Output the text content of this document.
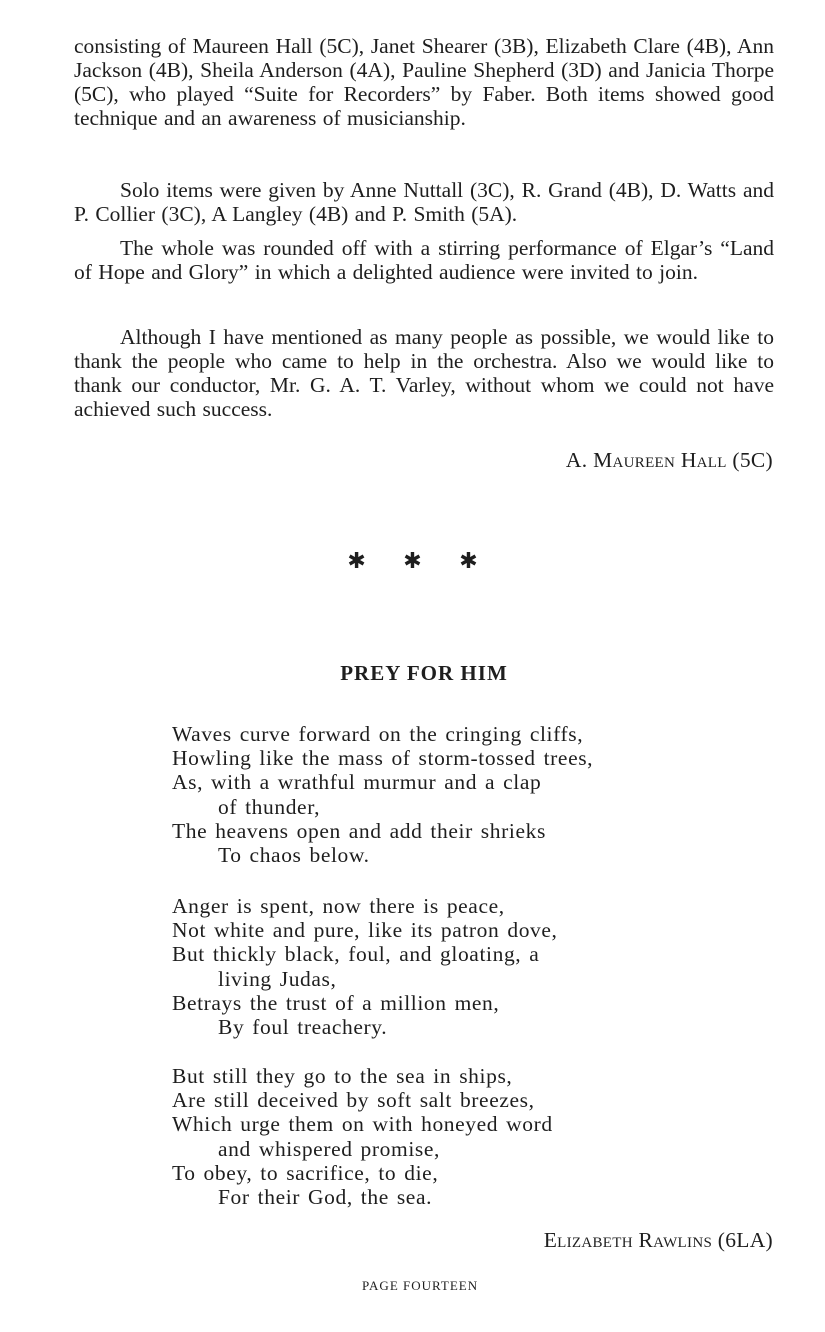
consisting of Maureen Hall (5C), Janet Shearer (3B), Elizabeth Clare (4B), Ann Jackson (4B), Sheila Anderson (4A), Pauline Shepherd (3D) and Janicia Thorpe (5C), who played “Suite for Recorders” by Faber. Both items showed good technique and an awareness of musicianship.

Solo items were given by Anne Nuttall (3C), R. Grand (4B), D. Watts and P. Collier (3C), A Langley (4B) and P. Smith (5A).

The whole was rounded off with a stirring performance of Elgar’s “Land of Hope and Glory” in which a delighted audience were invited to join.

Although I have mentioned as many people as possible, we would like to thank the people who came to help in the orchestra. Also we would like to thank our conductor, Mr. G. A. T. Varley, without whom we could not have achieved such success.

A. Maureen Hall (5C)
✱ ✱ ✱
PREY FOR HIM
Waves curve forward on the cringing cliffs,
Howling like the mass of storm-tossed trees,
As, with a wrathful murmur and a clap
of thunder,
The heavens open and add their shrieks
To chaos below.
Anger is spent, now there is peace,
Not white and pure, like its patron dove,
But thickly black, foul, and gloating, a
living Judas,
Betrays the trust of a million men,
By foul treachery.
But still they go to the sea in ships,
Are still deceived by soft salt breezes,
Which urge them on with honeyed word
and whispered promise,
To obey, to sacrifice, to die,
For their God, the sea.
Elizabeth Rawlins (6LA)
PAGE FOURTEEN
